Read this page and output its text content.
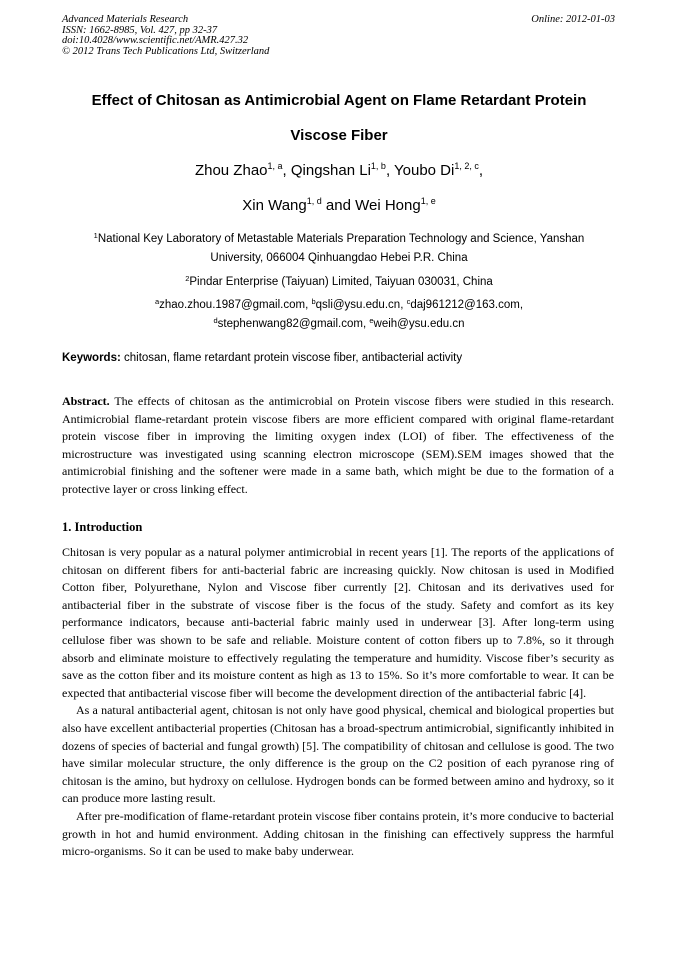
Advanced Materials Research
ISSN: 1662-8985, Vol. 427, pp 32-37
doi:10.4028/www.scientific.net/AMR.427.32
© 2012 Trans Tech Publications Ltd, Switzerland
Online: 2012-01-03
Effect of Chitosan as Antimicrobial Agent on Flame Retardant Protein
Viscose Fiber
Zhou Zhao$^{1, a}$, Qingshan Li$^{1, b}$, Youbo Di$^{1, 2, c}$,
Xin Wang$^{1, d}$ and Wei Hong$^{1, e}$
$^1$National Key Laboratory of Metastable Materials Preparation Technology and Science, Yanshan
University, 066004 Qinhuangdao Hebei P.R. China
$^2$Pindar Enterprise (Taiyuan) Limited, Taiyuan 030031, China
$^a$zhao.zhou.1987@gmail.com, $^b$qsli@ysu.edu.cn, $^c$daj961212@163.com,
$^d$stephenwang82@gmail.com, $^e$weih@ysu.edu.cn
Keywords: chitosan, flame retardant protein viscose fiber, antibacterial activity

Abstract. The effects of chitosan as the antimicrobial on Protein viscose fibers were studied in this research. Antimicrobial flame-retardant protein viscose fibers are more efficient compared with original flame-retardant protein viscose fiber in improving the limiting oxygen index (LOI) of fiber. The effectiveness of the microstructure was investigated using scanning electron microscope (SEM).SEM images showed that the antimicrobial finishing and the softener were made in a same bath, which might be due to the formation of a protective layer or cross linking effect.

1. Introduction

Chitosan is very popular as a natural polymer antimicrobial in recent years [1]. The reports of the applications of chitosan on different fibers for anti-bacterial fabric are increasing quickly. Now chitosan is used in Modified Cotton fiber, Polyurethane, Nylon and Viscose fiber currently [2]. Chitosan and its derivatives used for antibacterial fiber in the substrate of viscose fiber is the focus of the study. Safety and comfort as its key performance indicators, because anti-bacterial fabric mainly used in underwear [3]. After long-term using cellulose fiber was shown to be safe and reliable. Moisture content of cotton fibers up to 7.8%, so it through absorb and eliminate moisture to effectively regulating the temperature and humidity. Viscose fiber’s security as save as the cotton fiber and its moisture content as high as 13 to 15%. So it’s more comfortable to wear. It can be expected that antibacterial viscose fiber will become the development direction of the antibacterial fabric [4].

As a natural antibacterial agent, chitosan is not only have good physical, chemical and biological properties but also have excellent antibacterial properties (Chitosan has a broad-spectrum antimicrobial, significantly inhibited in dozens of species of bacterial and fungal growth) [5]. The compatibility of chitosan and cellulose is good. The two have similar molecular structure, the only difference is the group on the C2 position of each pyranose ring of chitosan is the amino, but hydroxy on cellulose. Hydrogen bonds can be formed between amino and hydroxy, so it can produce more lasting result.

After pre-modification of flame-retardant protein viscose fiber contains protein, it’s more conducive to bacterial growth in hot and humid environment. Adding chitosan in the finishing can effectively suppress the harmful micro-organisms. So it can be used to make baby underwear.
